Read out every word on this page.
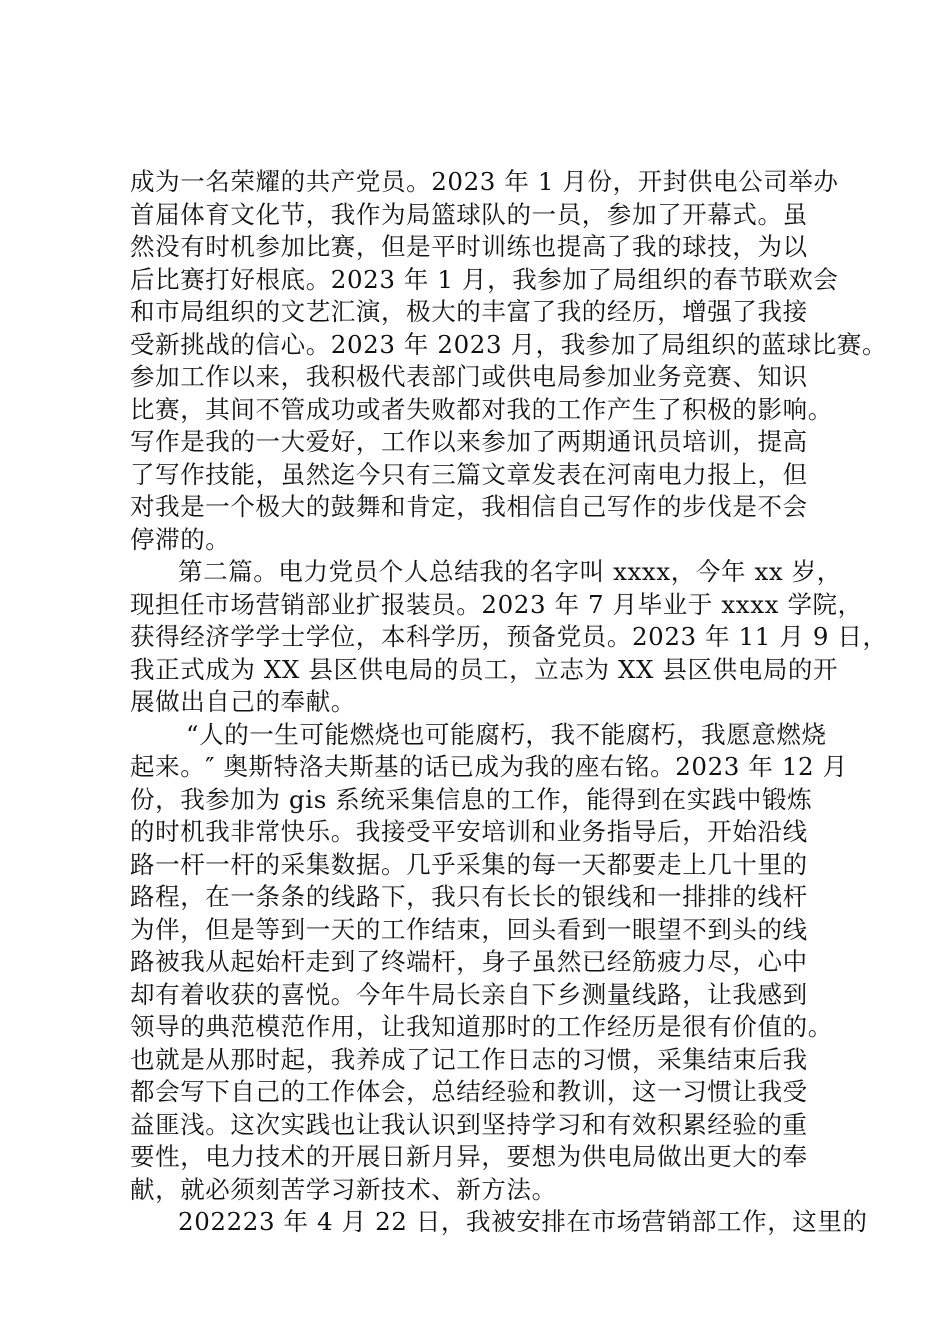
成为一名荣耀的共产党员。2023 年 1 月份，开封供电公司举办
首届体育文化节，我作为局篮球队的一员，参加了开幕式。虽
然没有时机参加比赛，但是平时训练也提高了我的球技，为以
后比赛打好根底。2023 年 1 月，我参加了局组织的春节联欢会
和市局组织的文艺汇演，极大的丰富了我的经历，增强了我接
受新挑战的信心。2023 年 2023 月，我参加了局组织的蓝球比赛。
参加工作以来，我积极代表部门或供电局参加业务竞赛、知识
比赛，其间不管成功或者失败都对我的工作产生了积极的影响。
写作是我的一大爱好，工作以来参加了两期通讯员培训，提高
了写作技能，虽然迄今只有三篇文章发表在河南电力报上，但
对我是一个极大的鼓舞和肯定，我相信自己写作的步伐是不会
停滞的。
第二篇。电力党员个人总结我的名字叫 xxxx，今年 xx 岁，
现担任市场营销部业扩报装员。2023 年 7 月毕业于 xxxx 学院，
获得经济学学士学位，本科学历，预备党员。2023 年 11 月 9 日，
我正式成为 XX 县区供电局的员工，立志为 XX 县区供电局的开
展做出自己的奉献。
“人的一生可能燃烧也可能腐朽，我不能腐朽，我愿意燃烧
起来。″ 奥斯特洛夫斯基的话已成为我的座右铭。2023 年 12 月
份，我参加为 gis 系统采集信息的工作，能得到在实践中锻炼
的时机我非常快乐。我接受平安培训和业务指导后，开始沿线
路一杆一杆的采集数据。几乎采集的每一天都要走上几十里的
路程，在一条条的线路下，我只有长长的银线和一排排的线杆
为伴，但是等到一天的工作结束，回头看到一眼望不到头的线
路被我从起始杆走到了终端杆，身子虽然已经筋疲力尽，心中
却有着收获的喜悦。今年牛局长亲自下乡测量线路，让我感到
领导的典范模范作用，让我知道那时的工作经历是很有价值的。
也就是从那时起，我养成了记工作日志的习惯，采集结束后我
都会写下自己的工作体会，总结经验和教训，这一习惯让我受
益匪浅。这次实践也让我认识到坚持学习和有效积累经验的重
要性，电力技术的开展日新月异，要想为供电局做出更大的奉
献，就必须刻苦学习新技术、新方法。
202223 年 4 月 22 日，我被安排在市场营销部工作，这里的
